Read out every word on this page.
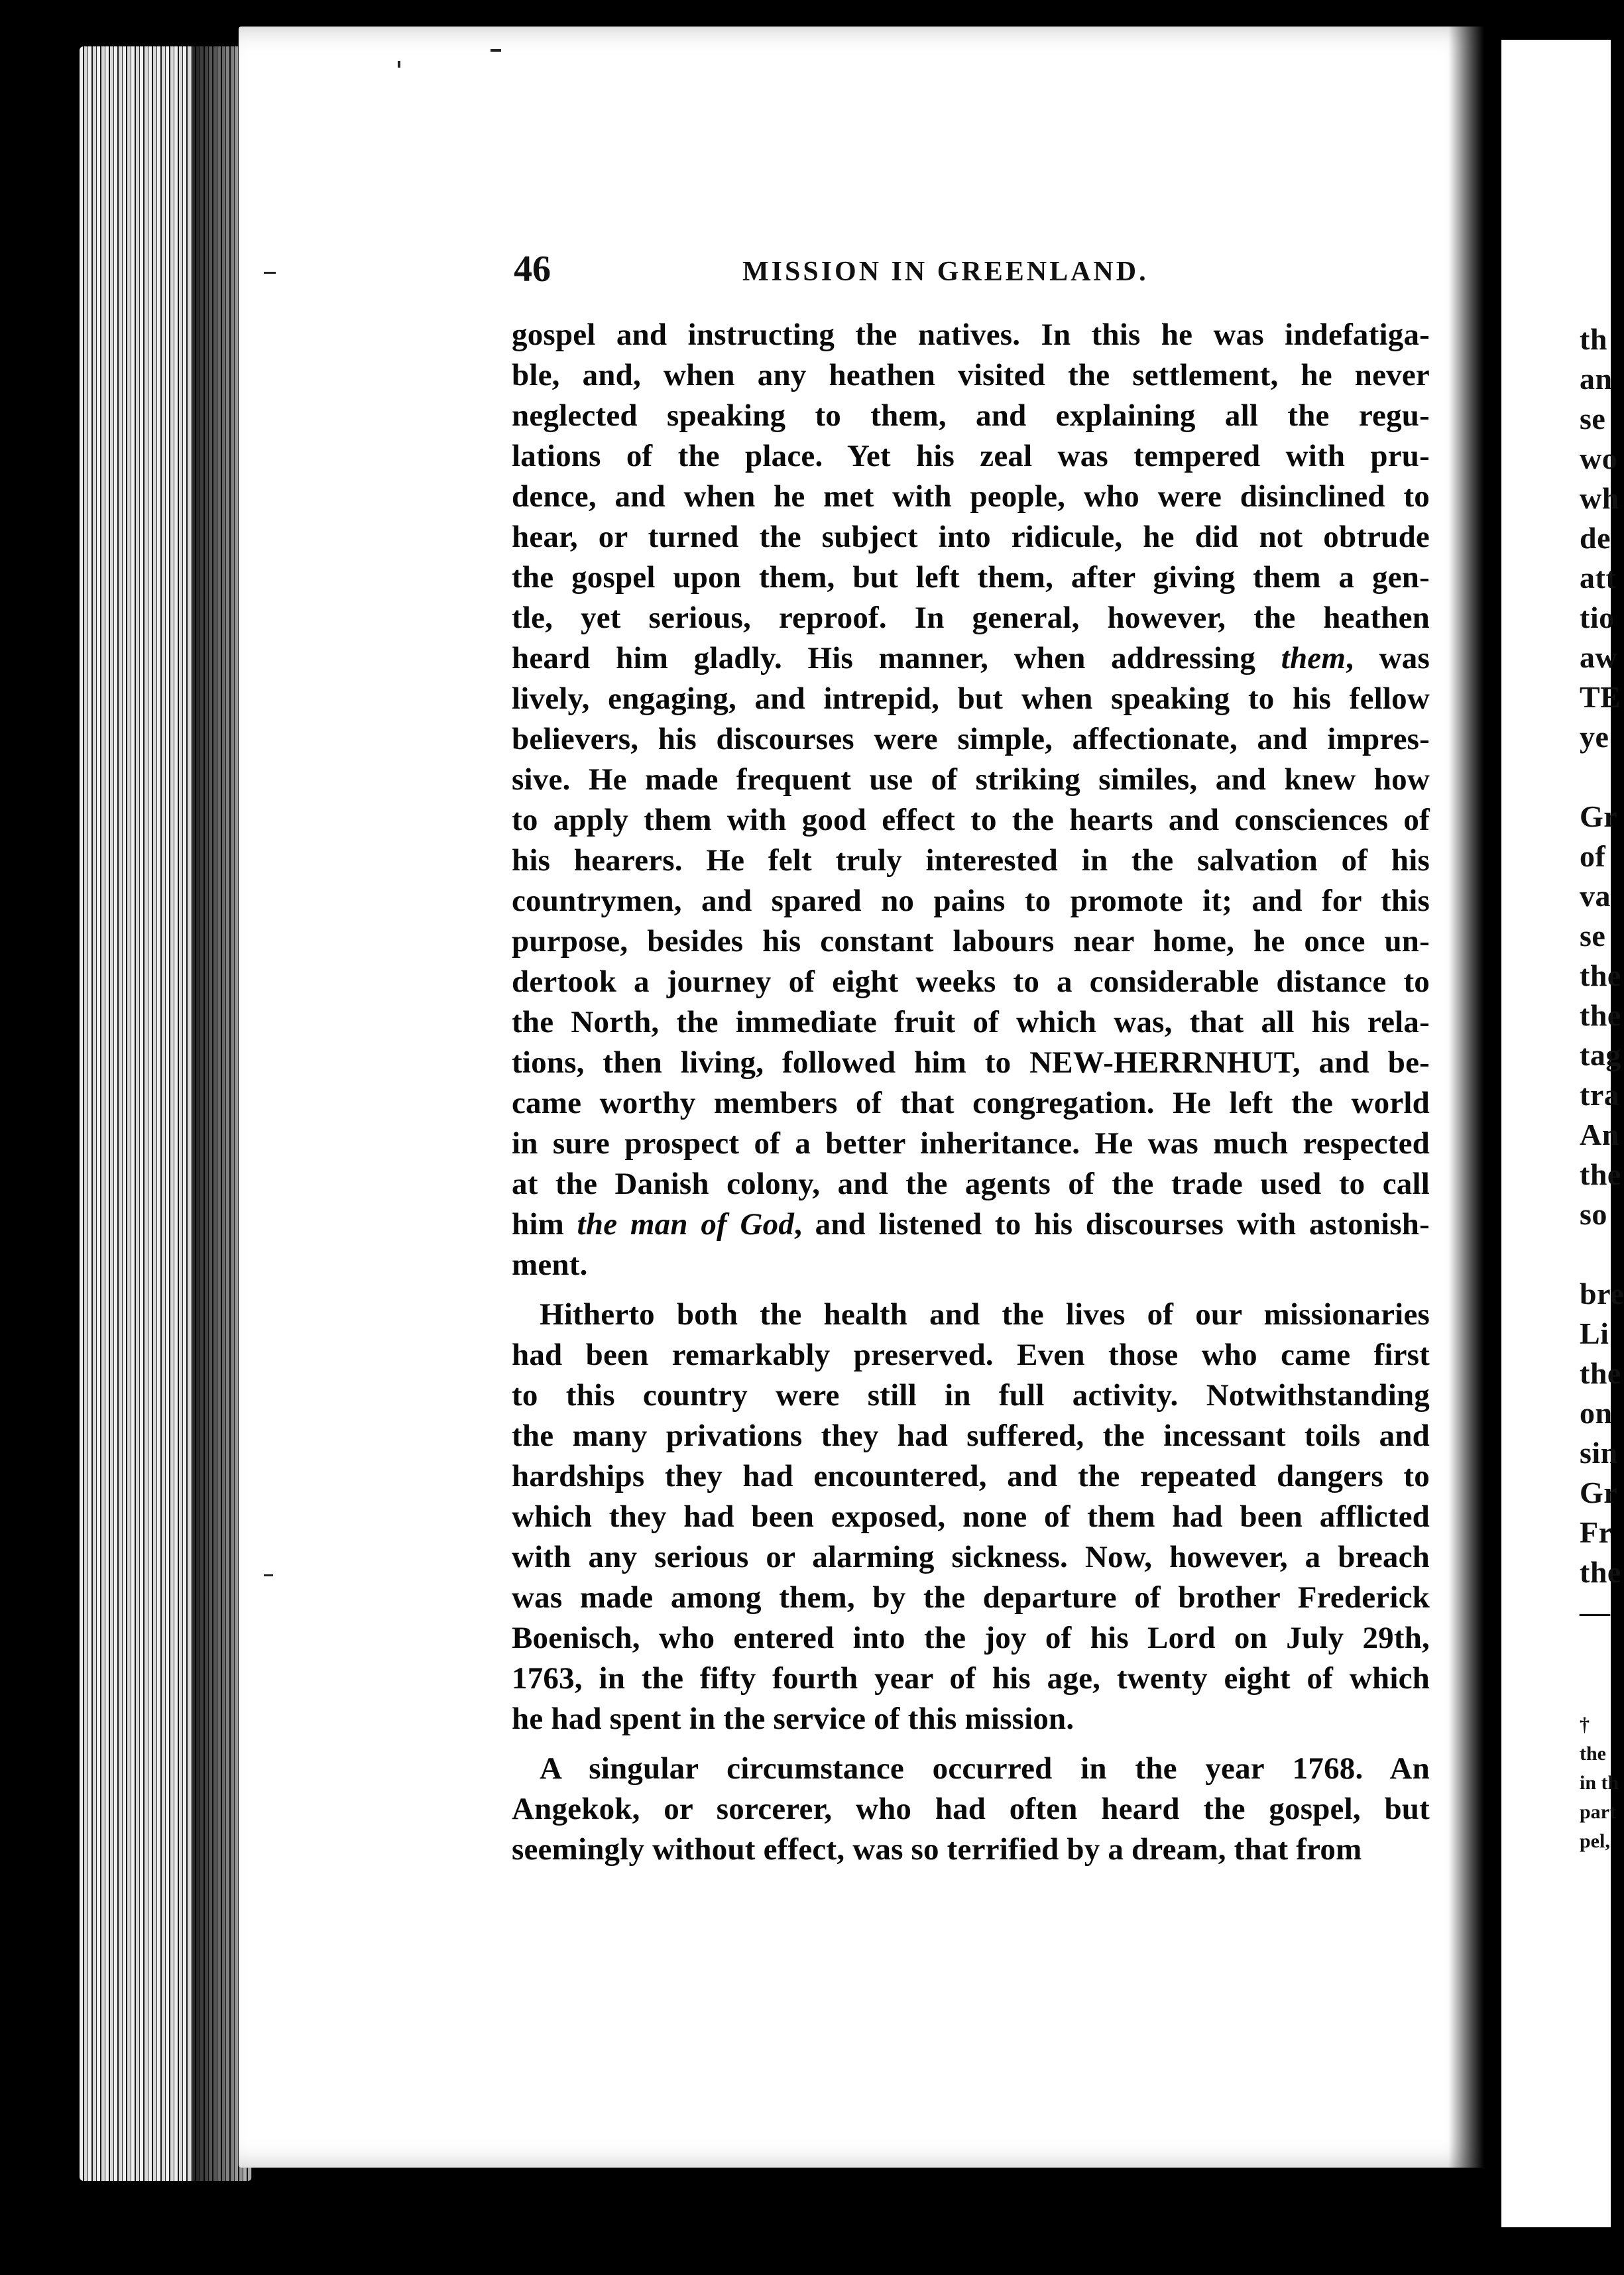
th
an
se
wo
wh
de
att
tio
aw
TE
ye
Gr
of
va
se
the
the
tag
tra
An
the
so
bre
Li
the
on
sin
Gr
Fr
the
—
†
the
in th
part
pel,
46	MISSION IN GREENLAND.
gospel and instructing the natives. In this he was indefatiga-
ble, and, when any heathen visited the settlement, he never
neglected speaking to them, and explaining all the regu-
lations of the place. Yet his zeal was tempered with pru-
dence, and when he met with people, who were disinclined to
hear, or turned the subject into ridicule, he did not obtrude
the gospel upon them, but left them, after giving them a gen-
tle, yet serious, reproof. In general, however, the heathen
heard him gladly. His manner, when addressing them, was
lively, engaging, and intrepid, but when speaking to his fellow
believers, his discourses were simple, affectionate, and impres-
sive. He made frequent use of striking similes, and knew how
to apply them with good effect to the hearts and consciences of
his hearers. He felt truly interested in the salvation of his
countrymen, and spared no pains to promote it; and for this
purpose, besides his constant labours near home, he once un-
dertook a journey of eight weeks to a considerable distance to
the North, the immediate fruit of which was, that all his rela-
tions, then living, followed him to NEW-HERRNHUT, and be-
came worthy members of that congregation. He left the world
in sure prospect of a better inheritance. He was much respected
at the Danish colony, and the agents of the trade used to call
him the man of God, and listened to his discourses with astonish-
ment.
Hitherto both the health and the lives of our missionaries
had been remarkably preserved. Even those who came first
to this country were still in full activity. Notwithstanding
the many privations they had suffered, the incessant toils and
hardships they had encountered, and the repeated dangers to
which they had been exposed, none of them had been afflicted
with any serious or alarming sickness. Now, however, a breach
was made among them, by the departure of brother Frederick
Boenisch, who entered into the joy of his Lord on July 29th,
1763, in the fifty fourth year of his age, twenty eight of which
he had spent in the service of this mission.
A singular circumstance occurred in the year 1768. An
Angekok, or sorcerer, who had often heard the gospel, but
seemingly without effect, was so terrified by a dream, that from
